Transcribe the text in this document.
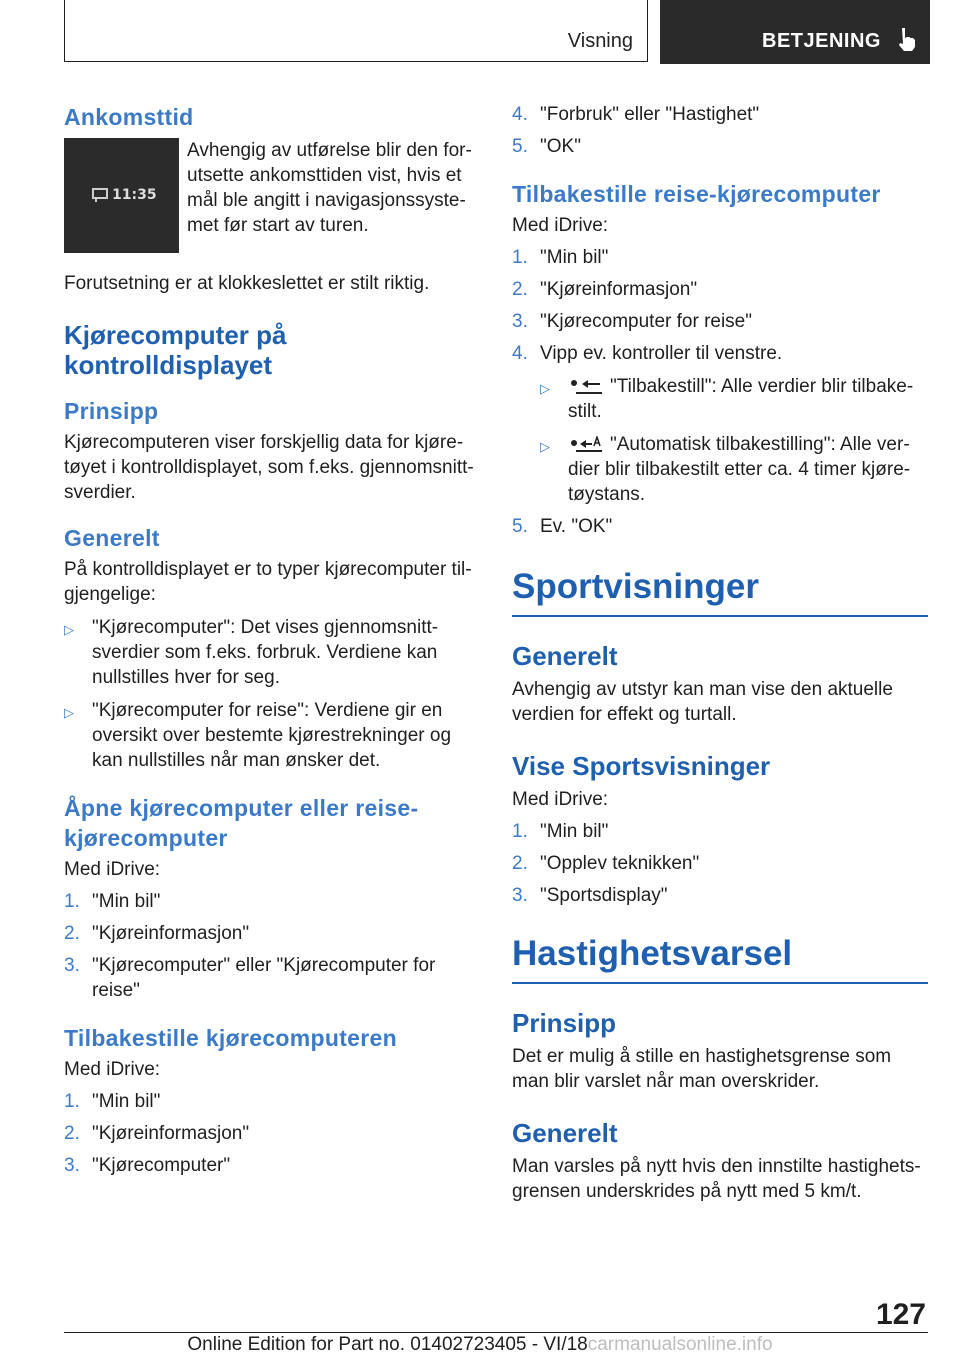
Visning	BETJENING
Ankomsttid
11:35

Avhengig av utførelse blir den forutsette ankomsttiden vist, hvis et mål ble angitt i navigasjonssystemet før start av turen.

Forutsetning er at klokkeslettet er stilt riktig.

Kjørecomputer på kontrolldisplayet
Prinsipp

Kjørecomputeren viser forskjellig data for kjøretøyet i kontrolldisplayet, som f.eks. gjennomsnittsverdier.

Generelt

På kontrolldisplayet er to typer kjørecomputer tilgjengelige:

▷ "Kjørecomputer": Det vises gjennomsnittsverdier som f.eks. forbruk. Verdiene kan nullstilles hver for seg.
▷ "Kjørecomputer for reise": Verdiene gir en oversikt over bestemte kjørestrekninger og kan nullstilles når man ønsker det.
Åpne kjørecomputer eller reisekjørecomputer

Med iDrive:

1. "Min bil"
2. "Kjøreinformasjon"
3. "Kjørecomputer" eller "Kjørecomputer for reise"
Tilbakestille kjørecomputeren

Med iDrive:

1. "Min bil"
2. "Kjøreinformasjon"
3. "Kjørecomputer"
4. "Forbruk" eller "Hastighet"
5. "OK"
Tilbakestille reise-kjørecomputer

Med iDrive:

1. "Min bil"
2. "Kjøreinformasjon"
3. "Kjørecomputer for reise"
4. Vipp ev. kontroller til venstre.
▷	"Tilbakestill": Alle verdier blir tilbakestilt.
▷	"Automatisk tilbakestilling": Alle verdier blir tilbakestilt etter ca. 4 timer kjøretøystans.
5. Ev. "OK"
Sportvisninger
Generelt

Avhengig av utstyr kan man vise den aktuelle verdien for effekt og turtall.

Vise Sportsvisninger

Med iDrive:

1. "Min bil"
2. "Opplev teknikken"
3. "Sportsdisplay"
Hastighetsvarsel
Prinsipp

Det er mulig å stille en hastighetsgrense som man blir varslet når man overskrider.

Generelt

Man varsles på nytt hvis den innstilte hastighetsgrensen underskrides på nytt med 5 km/t.

127
Online Edition for Part no. 01402723405 - VI/18carmanualsonline.info
